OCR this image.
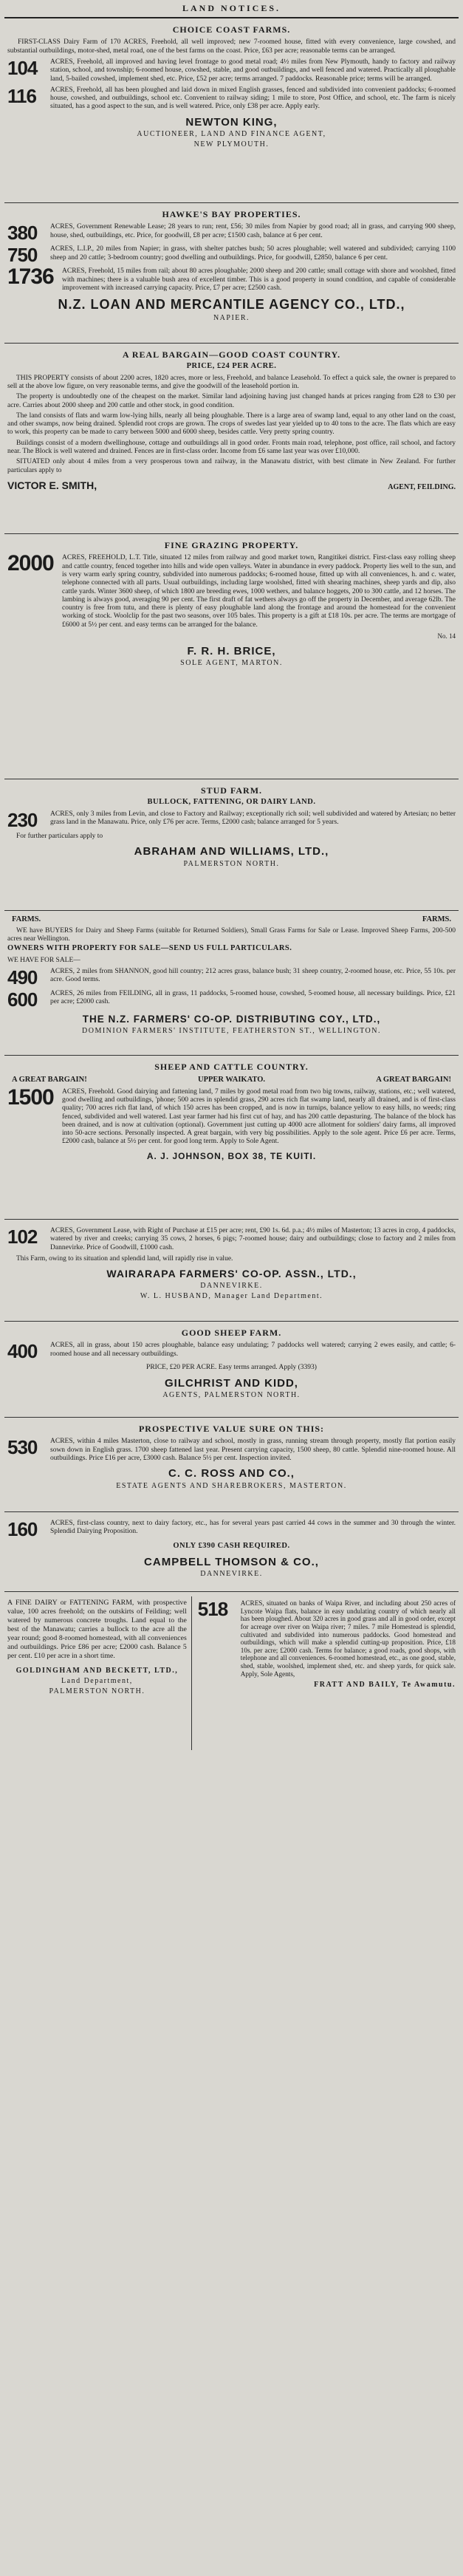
LAND NOTICES.
CHOICE COAST FARMS.
FIRST-CLASS Dairy Farm of 170 ACRES, Freehold, all well improved; new 7-roomed house, fitted with every convenience, large cowshed, and substantial outbuildings, motor-shed, metal road, one of the best farms on the coast. Price, £63 per acre; reasonable terms can be arranged.
104	ACRES, Freehold, all improved and having level frontage to good metal road; 4½ miles from New Plymouth, handy to factory and railway station, school, and township; 6-roomed house, cowshed, stable, and good outbuildings, and well fenced and watered. Practically all ploughable land, 5-bailed cowshed, implement shed, etc. Price, £52 per acre; terms arranged. 7 paddocks. Reasonable price; terms will be arranged.
116	ACRES, Freehold, all has been ploughed and laid down in mixed English grasses, fenced and subdivided into convenient paddocks; 6-roomed house, cowshed, and outbuildings, school etc. Convenient to railway siding; 1 mile to store, Post Office, and school, etc. The farm is nicely situated, has a good aspect to the sun, and is well watered. Price, only £38 per acre. Apply early.
NEWTON KING,
AUCTIONEER, LAND AND FINANCE AGENT,
NEW PLYMOUTH.
HAWKE'S BAY PROPERTIES.
380	ACRES, Government Renewable Lease; 28 years to run; rent, £56; 30 miles from Napier by good road; all in grass, and carrying 900 sheep, house, shed, outbuildings, etc. Price, for goodwill, £8 per acre; £1500 cash, balance at 6 per cent.
750	ACRES, L.I.P., 20 miles from Napier; in grass, with shelter patches bush; 50 acres ploughable; well watered and subdivided; carrying 1100 sheep and 20 cattle; 3-bedroom country; good dwelling and outbuildings. Price, for goodwill, £2850, balance 6 per cent.
1736	ACRES, Freehold, 15 miles from rail; about 80 acres ploughable; 2000 sheep and 200 cattle; small cottage with shore and woolshed, fitted with machines; there is a valuable bush area of excellent timber. This is a good property in sound condition, and capable of considerable improvement with increased carrying capacity. Price, £7 per acre; £2500 cash.
N.Z. LOAN AND MERCANTILE AGENCY CO., LTD.,
NAPIER.
A REAL BARGAIN—GOOD COAST COUNTRY.
PRICE, £24 PER ACRE.
THIS PROPERTY consists of about 2200 acres, 1820 acres, more or less, Freehold, and balance Leasehold. To effect a quick sale, the owner is prepared to sell at the above low figure, on very reasonable terms, and give the goodwill of the leasehold portion in.
The property is undoubtedly one of the cheapest on the market. Similar land adjoining having just changed hands at prices ranging from £28 to £30 per acre. Carries about 2000 sheep and 200 cattle and other stock, in good condition.
The land consists of flats and warm low-lying hills, nearly all being ploughable. There is a large area of swamp land, equal to any other land on the coast, and other swamps, now being drained. Splendid root crops are grown. The crops of swedes last year yielded up to 40 tons to the acre. The flats which are easy to work, this property can be made to carry between 5000 and 6000 sheep, besides cattle. Very pretty spring country.
Buildings consist of a modern dwellinghouse, cottage and outbuildings all in good order. Fronts main road, telephone, post office, rail school, and factory near. The Block is well watered and drained. Fences are in first-class order. Income from £6 same last year was over £10,000.
SITUATED only about 4 miles from a very prosperous town and railway, in the Manawatu district, with best climate in New Zealand. For further particulars apply to
VICTOR E. SMITH,	AGENT, FEILDING.
FINE GRAZING PROPERTY.
2000	ACRES, FREEHOLD, L.T. Title, situated 12 miles from railway and good market town, Rangitikei district. First-class easy rolling sheep and cattle country, fenced together into hills and wide open valleys. Water in abundance in every paddock. Property lies well to the sun, and is very warm early spring country, subdivided into numerous paddocks; 6-roomed house, fitted up with all conveniences, h. and c. water, telephone connected with all parts. Usual outbuildings, including large woolshed, fitted with shearing machines, sheep yards and dip, also cattle yards. Winter 3600 sheep, of which 1800 are breeding ewes, 1000 wethers, and balance hoggets, 200 to 300 cattle, and 12 horses. The lambing is always good, averaging 90 per cent. The first draft of fat wethers always go off the property in December, and average 62lb. The country is free from tutu, and there is plenty of easy ploughable land along the frontage and around the homestead for the convenient working of stock. Woolclip for the past two seasons, over 105 bales. This property is a gift at £18 10s. per acre. The terms are mortgage of £6000 at 5½ per cent. and easy terms can be arranged for the balance.
No. 14
F. R. H. BRICE,
SOLE AGENT, MARTON.
STUD FARM.
BULLOCK, FATTENING, OR DAIRY LAND.
230	ACRES, only 3 miles from Levin, and close to Factory and Railway; exceptionally rich soil; well subdivided and watered by Artesian; no better grass land in the Manawatu. Price, only £76 per acre. Terms, £2000 cash; balance arranged for 5 years.
For further particulars apply to
ABRAHAM AND WILLIAMS, LTD.,
PALMERSTON NORTH.
FARMS.	FARMS.
WE have BUYERS for Dairy and Sheep Farms (suitable for Returned Soldiers), Small Grass Farms for Sale or Lease. Improved Sheep Farms, 200-500 acres near Wellington.
OWNERS WITH PROPERTY FOR SALE—SEND US FULL PARTICULARS.
WE HAVE FOR SALE—
490	ACRES, 2 miles from SHANNON, good hill country; 212 acres grass, balance bush; 31 sheep country, 2-roomed house, etc. Price, 55 10s. per acre. Good terms.
600	ACRES, 26 miles from FEILDING, all in grass, 11 paddocks, 5-roomed house, cowshed, 5-roomed house, all necessary buildings. Price, £21 per acre; £2000 cash.
THE N.Z. FARMERS' CO-OP. DISTRIBUTING COY., LTD.,
DOMINION FARMERS' INSTITUTE, FEATHERSTON ST., WELLINGTON.
SHEEP AND CATTLE COUNTRY.
A GREAT BARGAIN!	UPPER WAIKATO.	A GREAT BARGAIN!
1500	ACRES, Freehold. Good dairying and fattening land, 7 miles by good metal road from two big towns, railway, stations, etc.; well watered, good dwelling and outbuildings, 'phone; 500 acres in splendid grass, 290 acres rich flat swamp land, nearly all drained, and is of first-class quality; 700 acres rich flat land, of which 150 acres has been cropped, and is now in turnips, balance yellow to easy hills, no weeds; ring fenced, subdivided and well watered. Last year farmer had his first cut of hay, and has 200 cattle depasturing. The balance of the block has been drained, and is now at cultivation (optional). Government just cutting up 4000 acre allotment for soldiers' dairy farms, all improved into 50-acre sections. Personally inspected. A great bargain, with very big possibilities. Apply to the sole agent. Price £6 per acre. Terms, £2000 cash, balance at 5½ per cent. for good long term. Apply to Sole Agent.
A. J. JOHNSON, BOX 38, TE KUITI.
102	ACRES, Government Lease, with Right of Purchase at £15 per acre; rent, £90 1s. 6d. p.a.; 4½ miles of Masterton; 13 acres in crop, 4 paddocks, watered by river and creeks; carrying 35 cows, 2 horses, 6 pigs; 7-roomed house; dairy and outbuildings; close to factory and 2 miles from Dannevirke. Price of Goodwill, £1000 cash.
This Farm, owing to its situation and splendid land, will rapidly rise in value.
WAIRARAPA FARMERS' CO-OP. ASSN., LTD.,
DANNEVIRKE.
W. L. HUSBAND, Manager Land Department.
GOOD SHEEP FARM.
400	ACRES, all in grass, about 150 acres ploughable, balance easy undulating; 7 paddocks well watered; carrying 2 ewes easily, and cattle; 6-roomed house and all necessary outbuildings.
PRICE, £20 PER ACRE. Easy terms arranged. Apply (3393)
GILCHRIST AND KIDD,
AGENTS, PALMERSTON NORTH.
PROSPECTIVE VALUE SURE ON THIS:
530	ACRES, within 4 miles Masterton, close to railway and school, mostly in grass, running stream through property, mostly flat portion easily sown down in English grass. 1700 sheep fattened last year. Present carrying capacity, 1500 sheep, 80 cattle. Splendid nine-roomed house. All outbuildings. Price £16 per acre, £3000 cash. Balance 5½ per cent. Inspection invited.
C. C. ROSS AND CO.,
ESTATE AGENTS AND SHAREBROKERS, MASTERTON.
160	ACRES, first-class country, next to dairy factory, etc., has for several years past carried 44 cows in the summer and 30 through the winter. Splendid Dairying Proposition.
ONLY £390 CASH REQUIRED.
CAMPBELL THOMSON & CO.,
DANNEVIRKE.
A FINE DAIRY or FATTENING FARM, with prospective value, 100 acres freehold; on the outskirts of Feilding; well watered by numerous concrete troughs. Land equal to the best of the Manawatu; carries a bullock to the acre all the year round; good 8-roomed homestead, with all conveniences and outbuildings. Price £86 per acre; £2000 cash. Balance 5 per cent. £10 per acre in a short time.
GOLDINGHAM AND BECKETT, LTD.,
Land Department,
PALMERSTON NORTH.
518	ACRES, situated on banks of Waipa River, and including about 250 acres of Lyncote Waipa flats, balance in easy undulating country of which nearly all has been ploughed. About 320 acres in good grass and all in good order, except for acreage over river on Waipa river; 7 miles. 7 mile Homestead is splendid, cultivated and subdivided into numerous paddocks. Good homestead and outbuildings, which will make a splendid cutting-up proposition. Price, £18 10s. per acre; £2000 cash. Terms for balance; a good roads, good shops, with telephone and all conveniences. 6-roomed homestead, etc., as one good, stable, shed, stable, woolshed, implement shed, etc. and sheep yards, for quick sale. Apply, Sole Agents,
FRATT AND BAILY, Te Awamutu.
